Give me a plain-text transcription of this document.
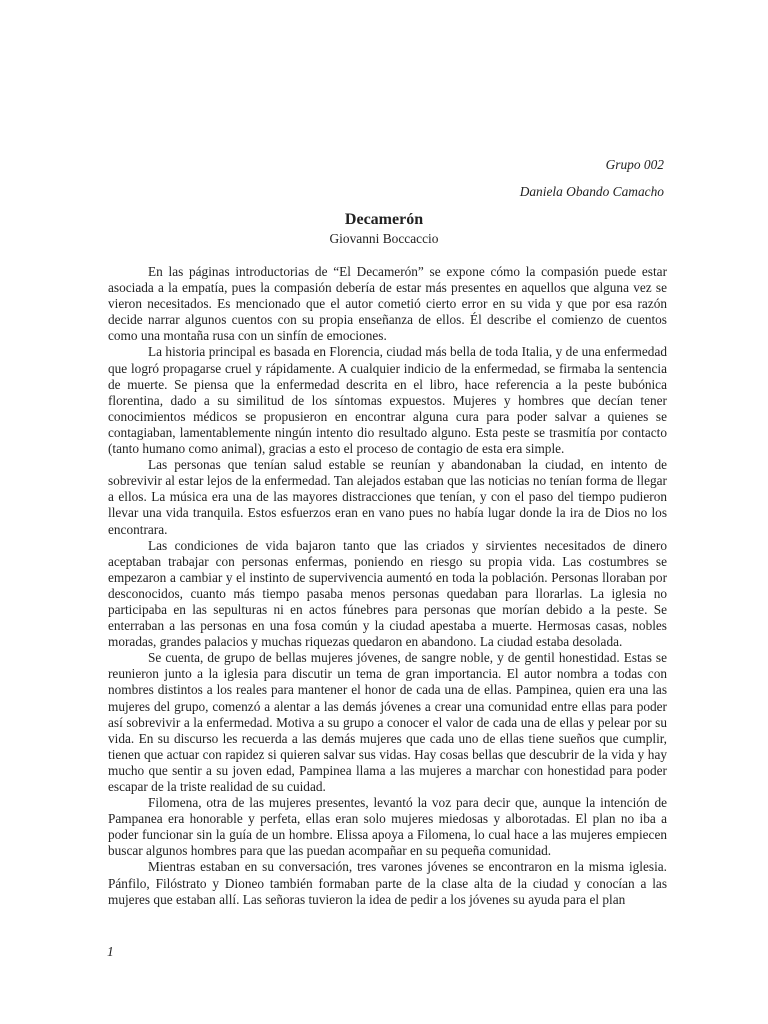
Grupo 002
Daniela Obando Camacho
Decamerón
Giovanni Boccaccio

En las páginas introductorias de “El Decamerón” se expone cómo la compasión puede estar asociada a la empatía, pues la compasión debería de estar más presentes en aquellos que alguna vez se vieron necesitados. Es mencionado que el autor cometió cierto error en su vida y que por esa razón decide narrar algunos cuentos con su propia enseñanza de ellos. Él describe el comienzo de cuentos como una montaña rusa con un sinfín de emociones.

La historia principal es basada en Florencia, ciudad más bella de toda Italia, y de una enfermedad que logró propagarse cruel y rápidamente. A cualquier indicio de la enfermedad, se firmaba la sentencia de muerte. Se piensa que la enfermedad descrita en el libro, hace referencia a la peste bubónica florentina, dado a su similitud de los síntomas expuestos. Mujeres y hombres que decían tener conocimientos médicos se propusieron en encontrar alguna cura para poder salvar a quienes se contagiaban, lamentablemente ningún intento dio resultado alguno. Esta peste se trasmitía por contacto (tanto humano como animal), gracias a esto el proceso de contagio de esta era simple.

Las personas que tenían salud estable se reunían y abandonaban la ciudad, en intento de sobrevivir al estar lejos de la enfermedad. Tan alejados estaban que las noticias no tenían forma de llegar a ellos. La música era una de las mayores distracciones que tenían, y con el paso del tiempo pudieron llevar una vida tranquila. Estos esfuerzos eran en vano pues no había lugar donde la ira de Dios no los encontrara.

Las condiciones de vida bajaron tanto que las criados y sirvientes necesitados de dinero aceptaban trabajar con personas enfermas, poniendo en riesgo su propia vida. Las costumbres se empezaron a cambiar y el instinto de supervivencia aumentó en toda la población. Personas lloraban por desconocidos, cuanto más tiempo pasaba menos personas quedaban para llorarlas. La iglesia no participaba en las sepulturas ni en actos fúnebres para personas que morían debido a la peste. Se enterraban a las personas en una fosa común y la ciudad apestaba a muerte. Hermosas casas, nobles moradas, grandes palacios y muchas riquezas quedaron en abandono. La ciudad estaba desolada.

Se cuenta, de grupo de bellas mujeres jóvenes, de sangre noble, y de gentil honestidad. Estas se reunieron junto a la iglesia para discutir un tema de gran importancia. El autor nombra a todas con nombres distintos a los reales para mantener el honor de cada una de ellas. Pampinea, quien era una las mujeres del grupo, comenzó a alentar a las demás jóvenes a crear una comunidad entre ellas para poder así sobrevivir a la enfermedad. Motiva a su grupo a conocer el valor de cada una de ellas y pelear por su vida. En su discurso les recuerda a las demás mujeres que cada uno de ellas tiene sueños que cumplir, tienen que actuar con rapidez si quieren salvar sus vidas. Hay cosas bellas que descubrir de la vida y hay mucho que sentir a su joven edad, Pampinea llama a las mujeres a marchar con honestidad para poder escapar de la triste realidad de su cuidad.

Filomena, otra de las mujeres presentes, levantó la voz para decir que, aunque la intención de Pampanea era honorable y perfeta, ellas eran solo mujeres miedosas y alborotadas. El plan no iba a poder funcionar sin la guía de un hombre. Elissa apoya a Filomena, lo cual hace a las mujeres empiecen buscar algunos hombres para que las puedan acompañar en su pequeña comunidad.

Mientras estaban en su conversación, tres varones jóvenes se encontraron en la misma iglesia. Pánfilo, Filóstrato y Dioneo también formaban parte de la clase alta de la ciudad y conocían a las mujeres que estaban allí. Las señoras tuvieron la idea de pedir a los jóvenes su ayuda para el plan

1
